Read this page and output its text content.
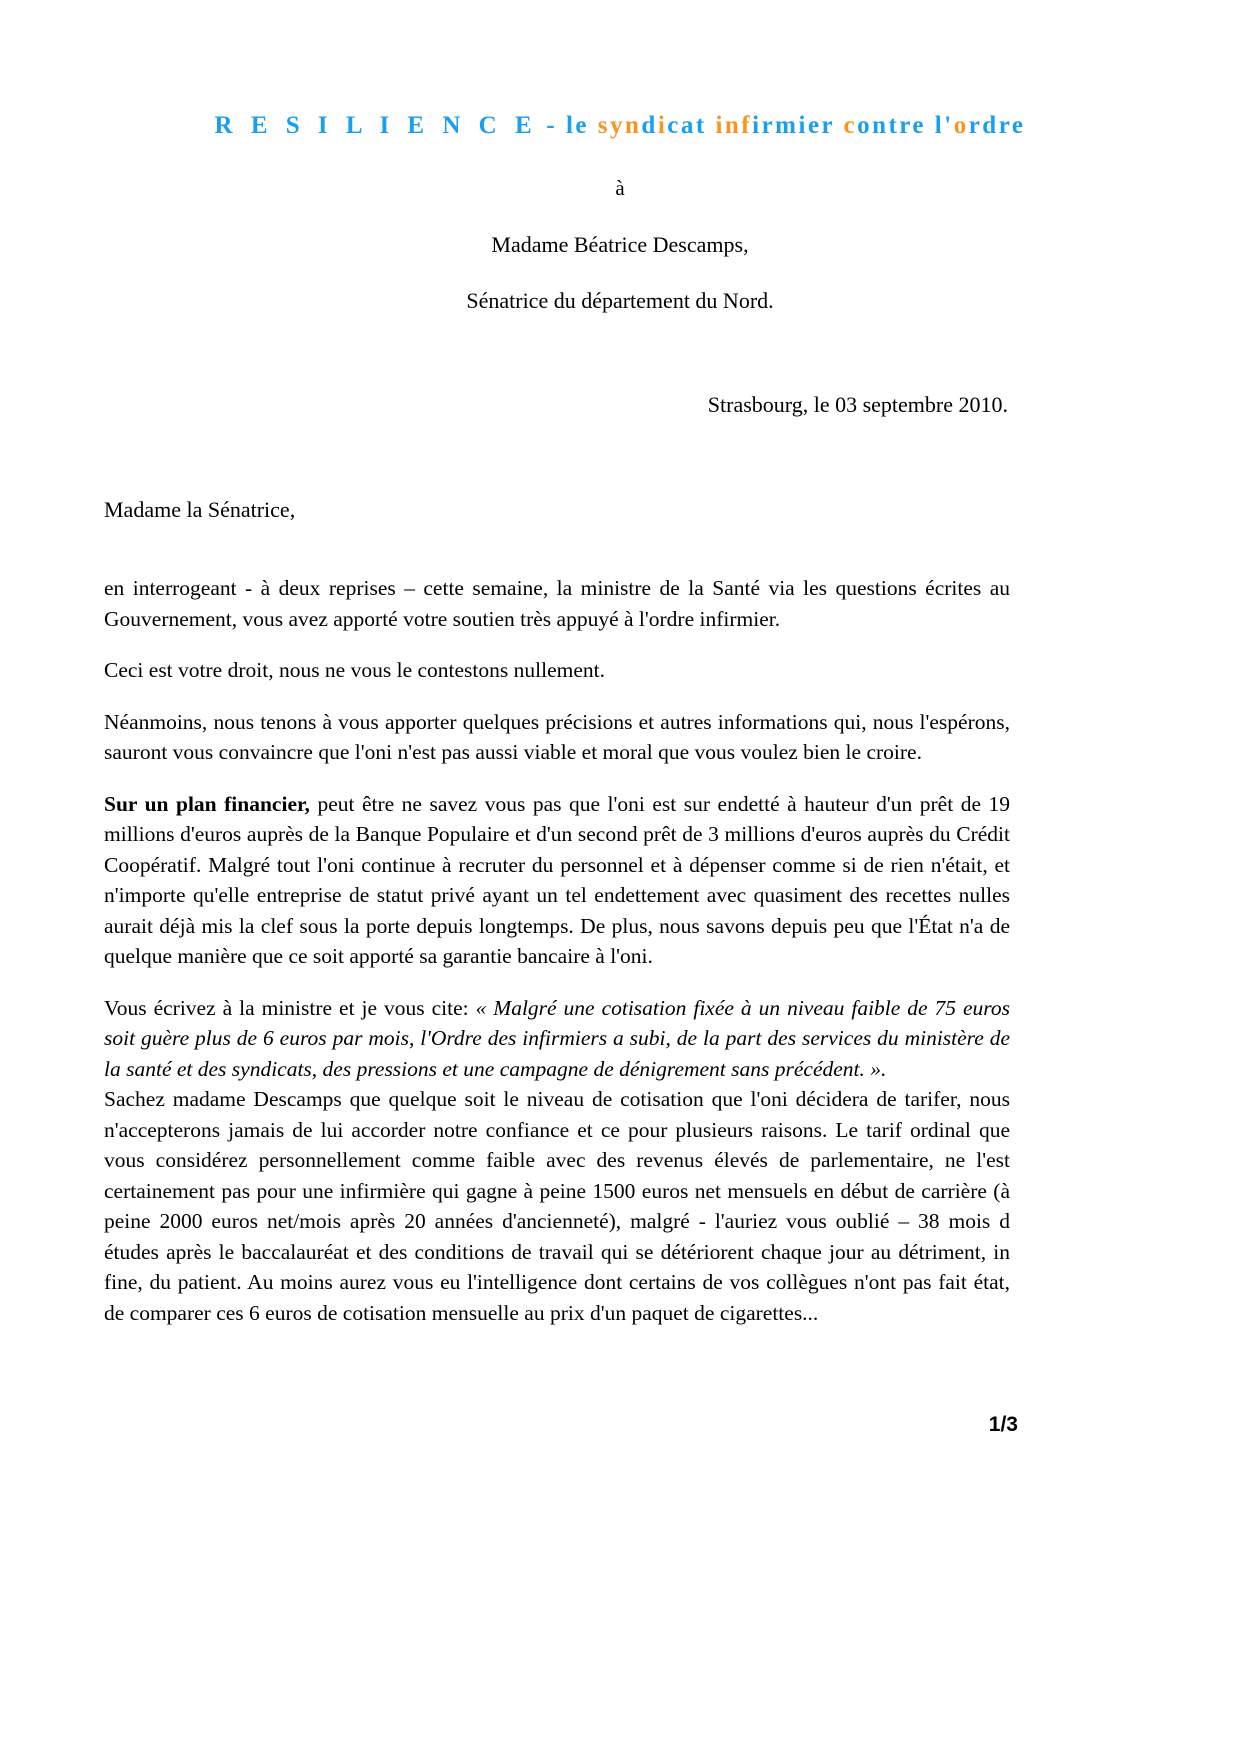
R E S I L I E N C E - le syndicat infirmier contre l'ordre
à
Madame Béatrice Descamps,
Sénatrice du département du Nord.
Strasbourg, le 03 septembre 2010.
Madame la Sénatrice,

en interrogeant - à deux reprises – cette semaine, la ministre de la Santé via les questions écrites au Gouvernement, vous avez apporté votre soutien très appuyé à l'ordre infirmier.

Ceci est votre droit, nous ne vous le contestons nullement.

Néanmoins, nous tenons à vous apporter quelques précisions et autres informations qui, nous l'espérons, sauront vous convaincre que l'oni n'est pas aussi viable et moral que vous voulez bien le croire.

Sur un plan financier, peut être ne savez vous pas que l'oni est sur endetté à hauteur d'un prêt de 19 millions d'euros auprès de la Banque Populaire et d'un second prêt de 3 millions d'euros auprès du Crédit Coopératif. Malgré tout l'oni continue à recruter du personnel et à dépenser comme si de rien n'était, et n'importe qu'elle entreprise de statut privé ayant un tel endettement avec quasiment des recettes nulles aurait déjà mis la clef sous la porte depuis longtemps. De plus, nous savons depuis peu que l'État n'a de quelque manière que ce soit apporté sa garantie bancaire à l'oni.

Vous écrivez à la ministre et je vous cite: « Malgré une cotisation fixée à un niveau faible de 75 euros soit guère plus de 6 euros par mois, l'Ordre des infirmiers a subi, de la part des services du ministère de la santé et des syndicats, des pressions et une campagne de dénigrement sans précédent. ».

Sachez madame Descamps que quelque soit le niveau de cotisation que l'oni décidera de tarifer, nous n'accepterons jamais de lui accorder notre confiance et ce pour plusieurs raisons. Le tarif ordinal que vous considérez personnellement comme faible avec des revenus élevés de parlementaire, ne l'est certainement pas pour une infirmière qui gagne à peine 1500 euros net mensuels en début de carrière (à peine 2000 euros net/mois après 20 années d'ancienneté), malgré - l'auriez vous oublié – 38 mois d études après le baccalauréat et des conditions de travail qui se détériorent chaque jour au détriment, in fine, du patient. Au moins aurez vous eu l'intelligence dont certains de vos collègues n'ont pas fait état, de comparer ces 6 euros de cotisation mensuelle au prix d'un paquet de cigarettes...

1/3
